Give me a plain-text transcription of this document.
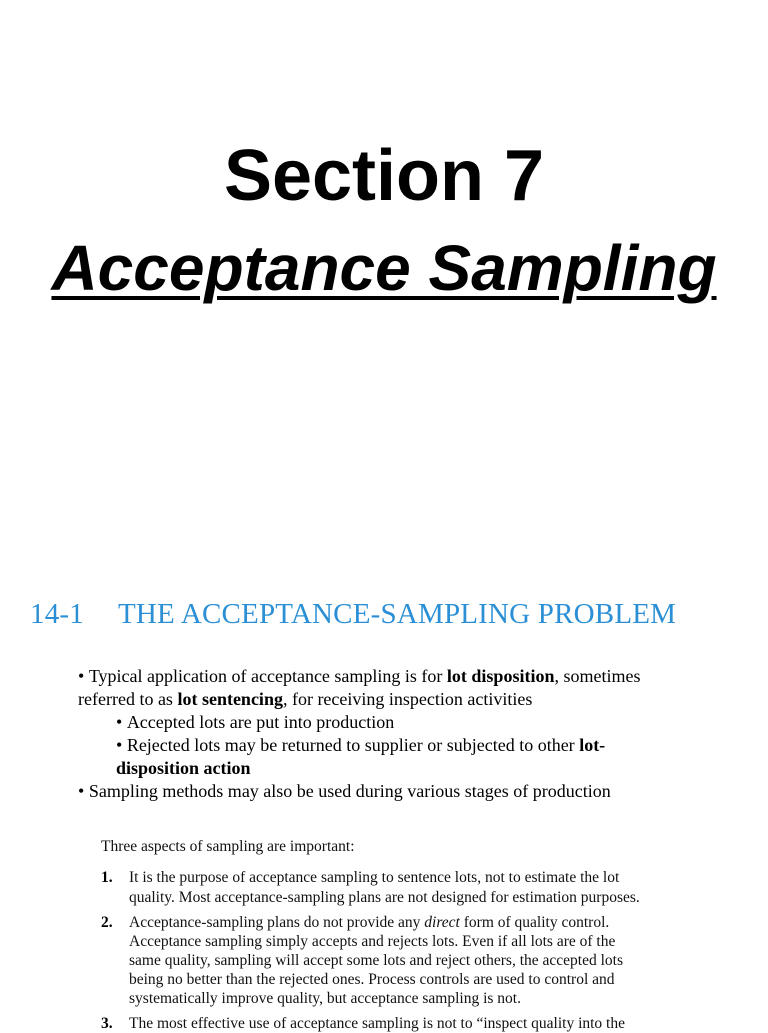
Section 7
Acceptance Sampling
14-1 THE ACCEPTANCE-SAMPLING PROBLEM
• Typical application of acceptance sampling is for lot disposition, sometimes
referred to as lot sentencing, for receiving inspection activities
• Accepted lots are put into production
• Rejected lots may be returned to supplier or subjected to other lot-
disposition action
• Sampling methods may also be used during various stages of production
Three aspects of sampling are important:
1. It is the purpose of acceptance sampling to sentence lots, not to estimate the lot
quality. Most acceptance-sampling plans are not designed for estimation purposes.
2. Acceptance-sampling plans do not provide any direct form of quality control.
Acceptance sampling simply accepts and rejects lots. Even if all lots are of the
same quality, sampling will accept some lots and reject others, the accepted lots
being no better than the rejected ones. Process controls are used to control and
systematically improve quality, but acceptance sampling is not.
3. The most effective use of acceptance sampling is not to “inspect quality into the
